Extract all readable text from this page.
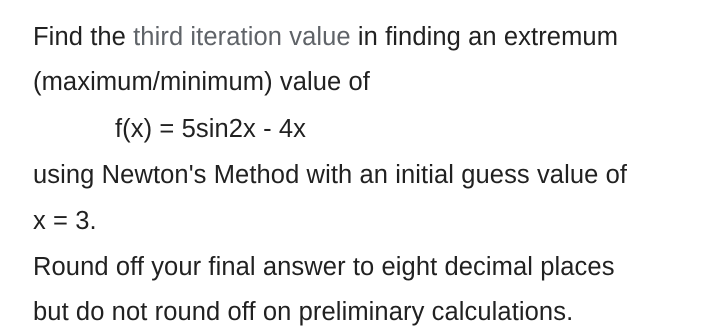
Find the third iteration value in finding an extremum
(maximum/minimum) value of
f(x) = 5sin2x - 4x
using Newton's Method with an initial guess value of
x = 3.
Round off your final answer to eight decimal places
but do not round off on preliminary calculations.
